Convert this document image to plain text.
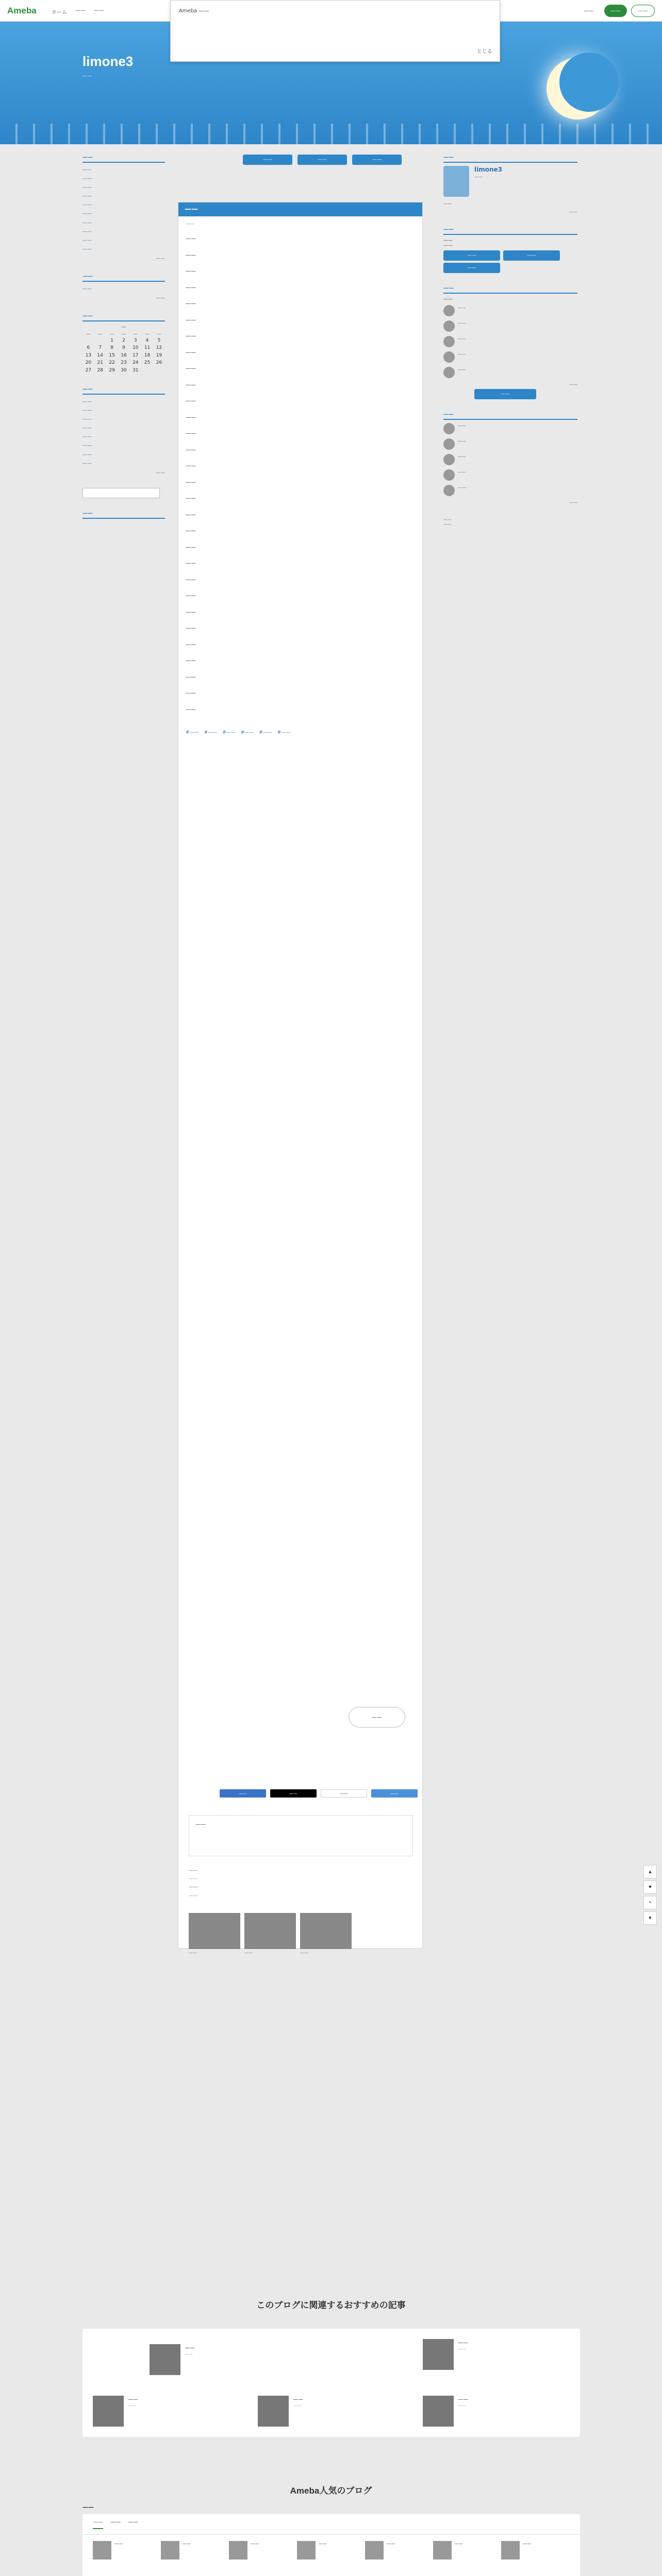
Ameba	ホーム —— ——	——	——	——
limone3
——
Ameba ——
とじる
——	——	——
——
——
——
——
——
——
——
——
——
——
——
——
——
——
——
——
—
—	—	—	—	—	—	—
		1	2	3	4	5
6	7	8	9	10	11	12
13	14	15	16	17	18	19
20	21	22	23	24	25	26
27	28	29	30	31		
——
——
——
——
——
——
——
——
——
——
——
——
——

——

——

——

——

——

——

——

——

——

——

——

——

——

——

——

——

——

——

——

——

——

——

——

——

——

——

——

——

——

——

#—— #—— #—— #—— #—— #——
——
——	——	——	——
——
——
——
——
——
——	——	——
——
limone3
——
——
——
——
——
——
——	——
——
——
——
——
——
——
——
——
——
——
——
——
——
——
——
——
——
——
——
▲
♥
✎
▼
このブログに関連するおすすめの記事
——
——
——
——
——
——
——
——
——
——
Ameba人気のブログ
——
—— —— ——
——	——	——	——	——	——	——
